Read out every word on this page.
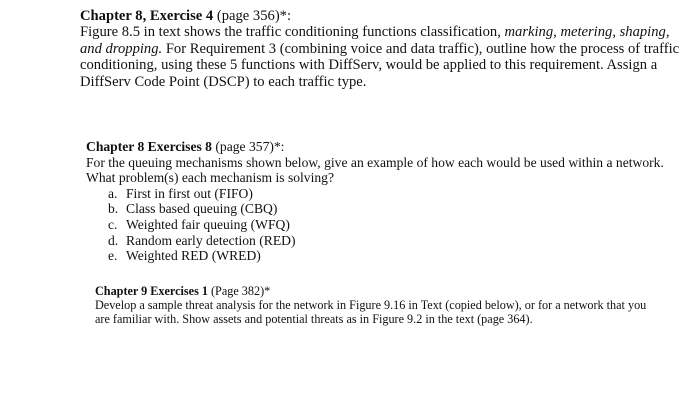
Chapter 8, Exercise 4 (page 356)*:

Figure 8.5 in text shows the traffic conditioning functions classification, marking, metering, shaping, and dropping. For Requirement 3 (combining voice and data traffic), outline how the process of traffic conditioning, using these 5 functions with DiffServ, would be applied to this requirement. Assign a DiffServ Code Point (DSCP) to each traffic type.

Chapter 8 Exercises 8 (page 357)*:

For the queuing mechanisms shown below, give an example of how each would be used within a network. What problem(s) each mechanism is solving?

a. First in first out (FIFO)
b. Class based queuing (CBQ)
c. Weighted fair queuing (WFQ)
d. Random early detection (RED)
e. Weighted RED (WRED)

Chapter 9 Exercises 1 (Page 382)*

Develop a sample threat analysis for the network in Figure 9.16 in Text (copied below), or for a network that you are familiar with. Show assets and potential threats as in Figure 9.2 in the text (page 364).
